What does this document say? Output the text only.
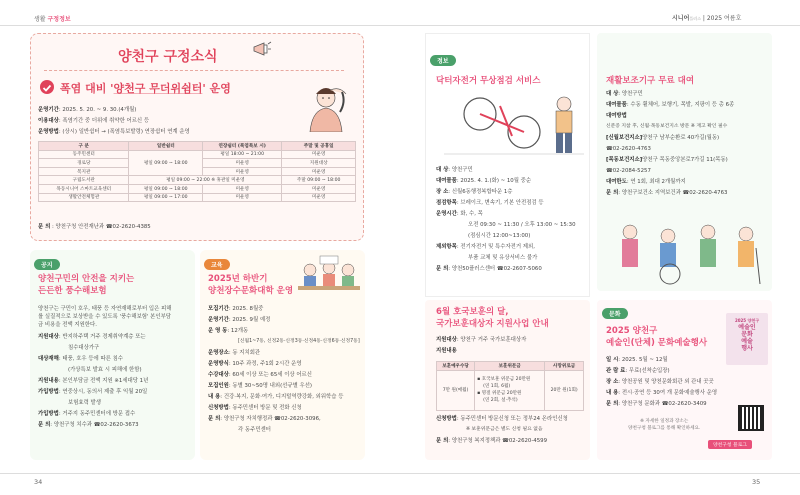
생활 구정정보
양천구 구정소식
폭염 대비 '양천구 무더위쉼터' 운영
운영기간: 2025. 5. 20. ~ 9. 30.(4개월)
이용대상: 폭염기간 중 더위에 취약한 어르신 등
운영방법: (상시) 일반쉼터 → (폭염특보발령) 연장쉼터 연계 운영
구 분	일반쉼터	연장쉼터 (폭염특보 시)	주말 및 공휴일
동주민센터	평일 09:00 ~ 18:00	평일 18:00 ~ 21:00	미운영
경로당		미운영	지원대상
복지관		미운영	미운영
구립도서관	평일 09:00 ~ 22:00 ※ 휴관일 미운영		주말 09:00 ~ 18:00
목동시니어 스마트교육센터	평일 09:00 ~ 18:00	미운영	미운영
생활안전체험관	평일 09:00 ~ 17:00	미운영	미운영
문 의 : 양천구청 안전재난과 ☎02-2620-4385
공지
양천구민의 안전을 지키는
든든한 풍수해보험
양천구는 구민이 호우, 태풍 등 자연재해로부터 입은 피해
를 실질적으로 보상받을 수 있도록 '풍수해보험' 본인부담
금 비용을 전액 지원한다.
지원대상: 반지하주택 거주 경제취약계층 또는
침수대상가구
대상재해: 태풍, 호우 등에 따른 침수
(가상특보 발효 시 피해에 한함)
지원내용: 본인부담금 전액 지원 ※1세대당 1년
가입방법: 연중상시, 동의서 제출 후 익월 20일
보험효력 발생
가입방법: 거주지 동주민센터에 방문 접수
문 의: 양천구청 치수과 ☎02-2620-3673
교육
2025년 하반기
양천장수문화대학 운영
모집기간: 2025. 8월중
운영기간: 2025. 9월 예정
운 영 동: 12개동
[신월1~7동, 신정2동·신정3동·신정4동·신정6동·신정7동]
운영장소: 동 지치회관
운영방식: 10주 과정, 주1회 2시간 운영
수강대상: 60세 이상 또는 65세 이상 어르신
모집인원: 동별 30~50명 내외(선규별 우선)
내 용: 건강·복지, 문화·여가, 디지털역량강화, 외워학습 등
신청방법: 동주민센터 방문 및 전화 신청
문 의: 양천구청 자치행정과 ☎02-2620-3096,
각 동주민센터
34
시니어플러스 | 2025 여름호
정보
닥터자전거 무상점검 서비스
대 상: 양천구민
대여물품: 2025. 4. 1.(화) ~ 10월 중순
장 소: 신월6동행정복합타운 1층
점검항목: 브레이크, 변속기, 기본 안전점검 등
운영시간: 화, 수, 목
오전 09:30 ~ 11:30 / 오후 13:00 ~ 15:30
(점심시간 12:00~13:00)
제외항목: 전기자전거 및 특수자전거 제외,
부품 교체 및 유상서비스 불가
문 의: 양천50플러스센터 ☎02-2607-5060
6월 호국보훈의 달,
국가보훈대상자 지원사업 안내
지원대상: 양천구 거주 국가보훈대상자
지원내용
보훈예우수당	보훈위문금	사망위로금
7만 원(매월)	▪ 호국보훈 위문금 20만원
(연 1회, 6월)
▪ 명절 위문금 20만원
(연 2회, 설·추석)	20만 원(1회)
신청방법: 동주민센터 방문신청 또는 정부24 온라인신청
※ 보훈위문금은 별도 신청 필요 없음
문 의: 양천구청 복지정책과 ☎02-2620-4599
재활보조기구 무료 대여
대 상: 양천구민
대여물품: 수동 휠체어, 보행기, 목발, 지팡이 등 총 6종
대여방법
신분증 지참 후, 신월·목동보건지소 방문 ※ 재고 확인 필수
[신월보건지소]양천구 남부순환로 40가길(월동)
☎02-2620-4763
[목동보건지소]양천구 목동중앙본로7가길 11(목동)
☎02-2084-5257
대여한도: 연 1회, 최대 2개월까지
문 의: 양천구보건소 지역보건과 ☎02-2620-4763
문화
2025 양천구
예술인(단체) 문화예술행사
2025 양천구
예술인
문화
예술
행사
일 시: 2025. 5월 ~ 12월
관 람 료: 무료(선착순입장)
장 소: 양천공원 및 양천문화회관 외 관내 곳곳
내 용: 전시·공연 등 30여 개 문화예술행사 운영
문 의: 양천구청 문화과 ☎02-2620-3409
※ 자세한 일정과 장소는
양천구청 블로그를 통해 확인하세요.
양천구청 블로그
35
